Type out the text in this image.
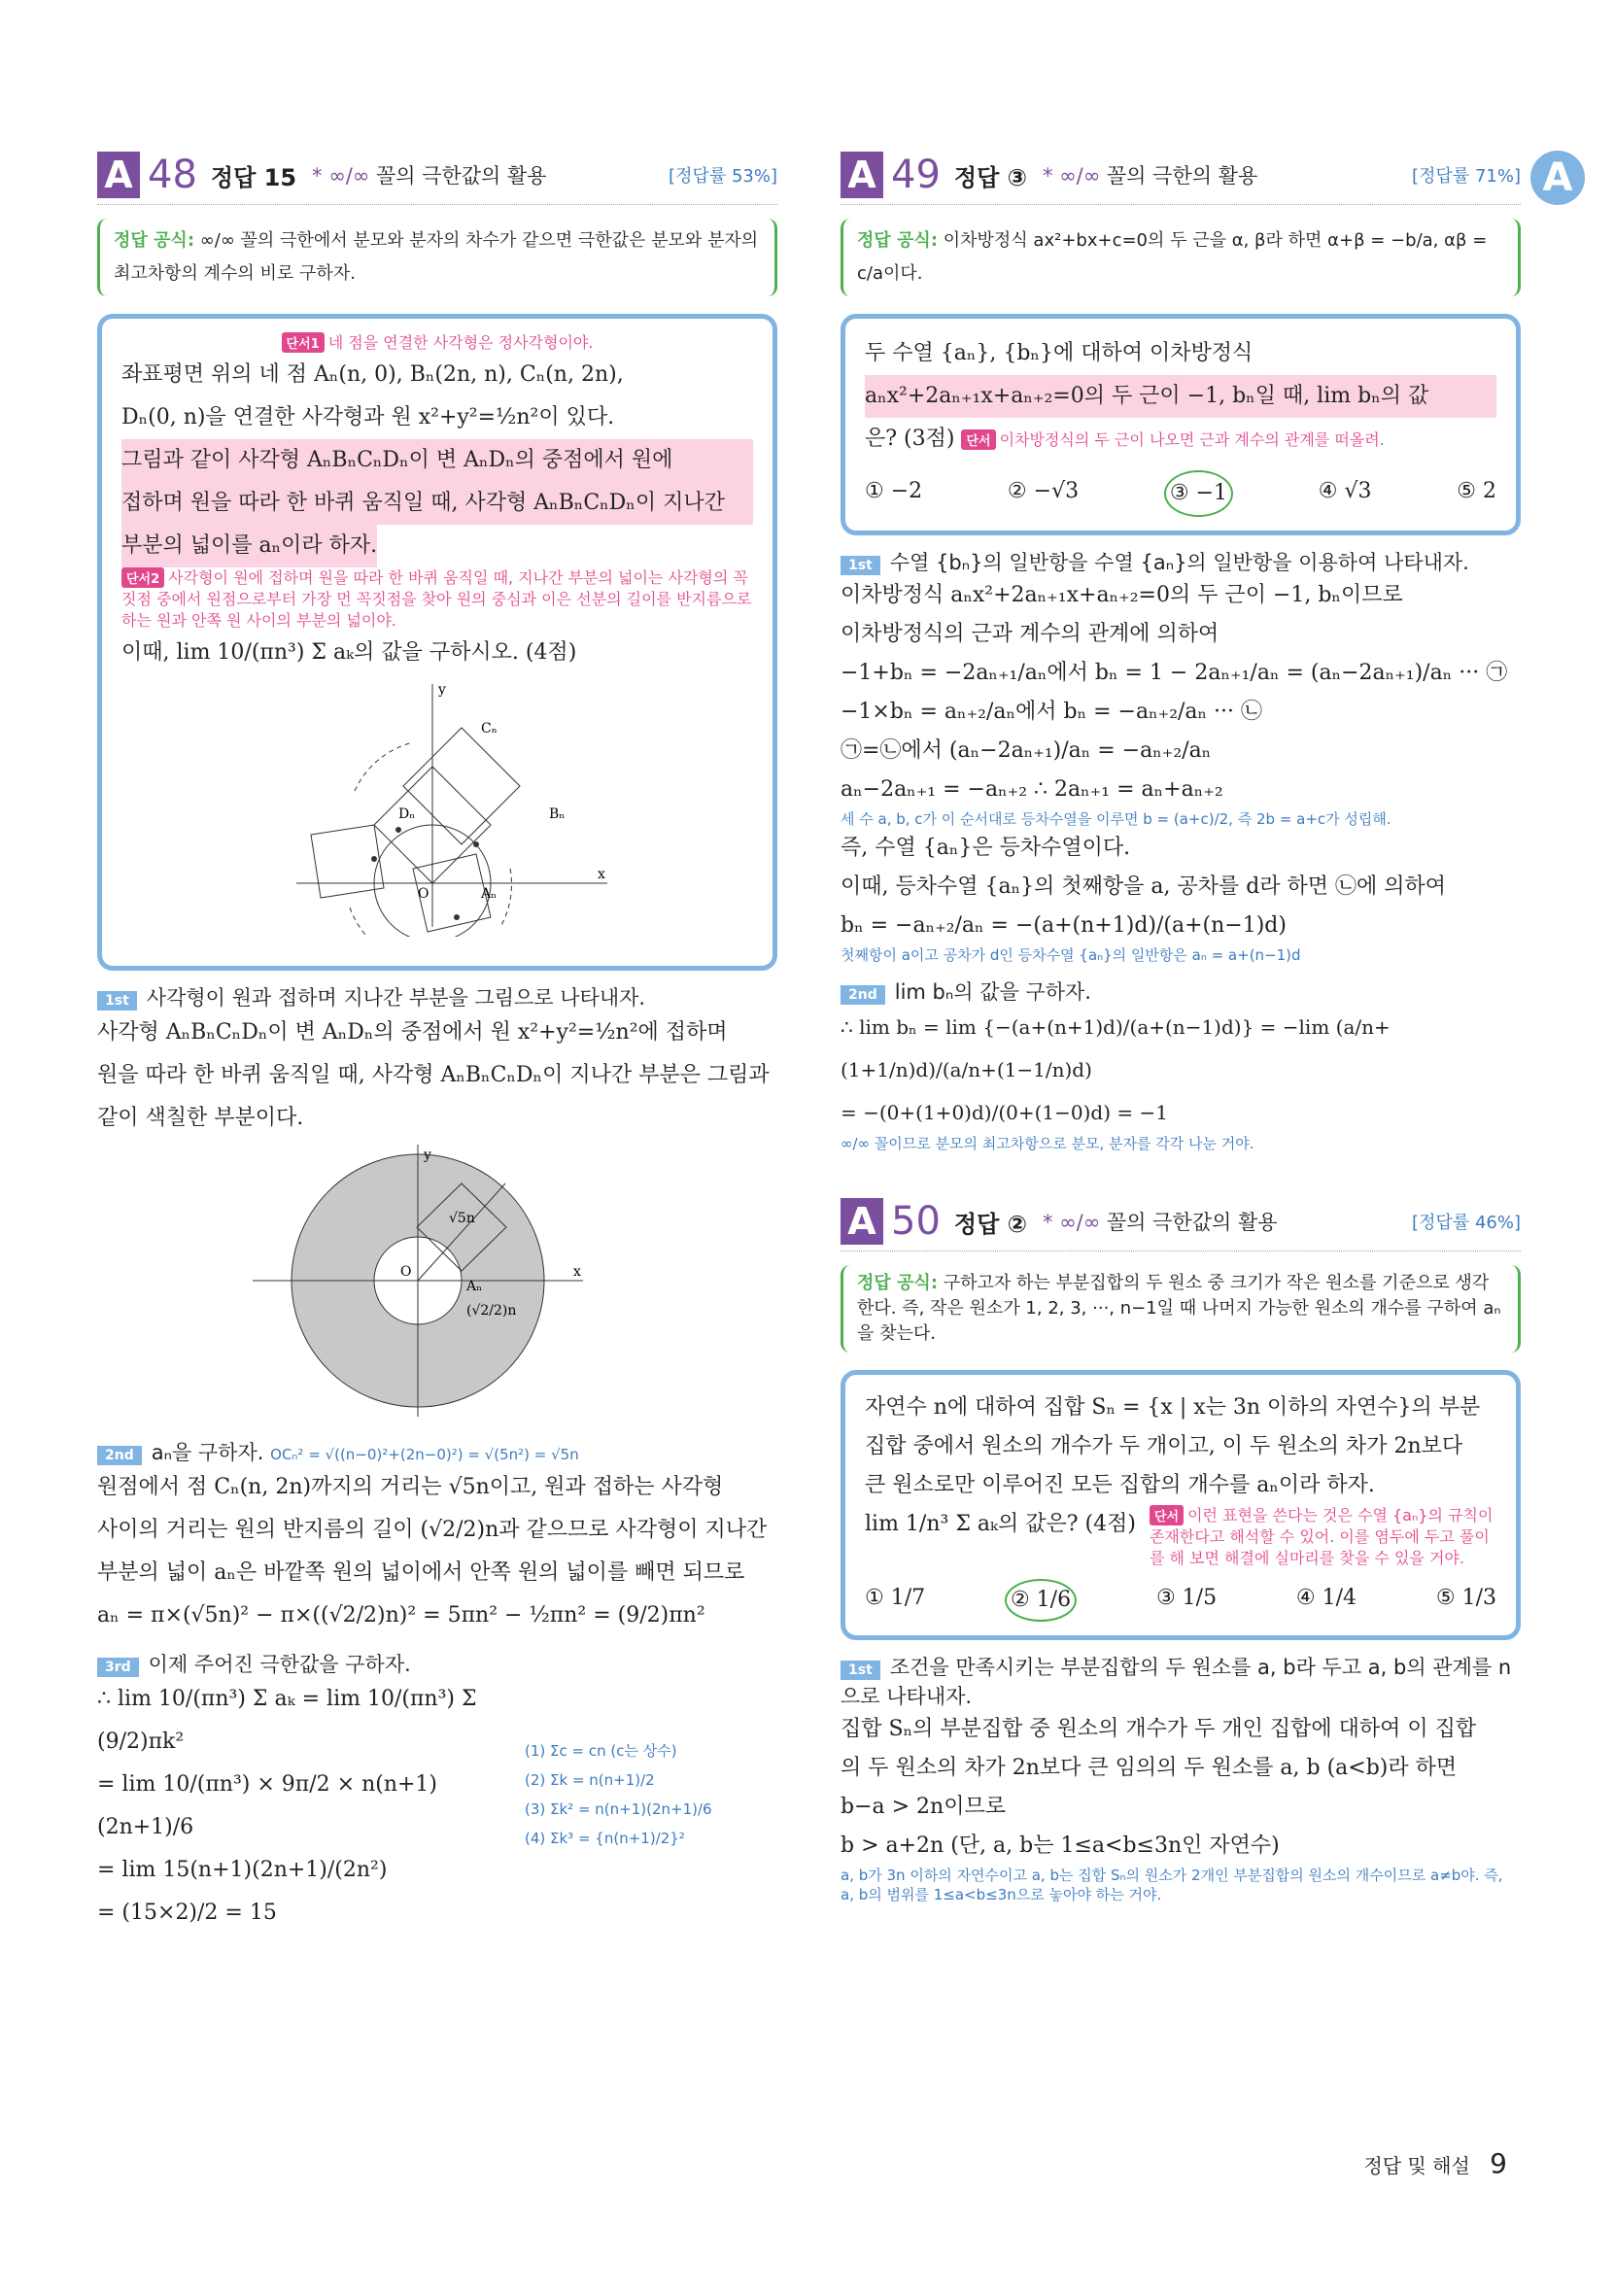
A
A 48 정답 15 * ∞/∞ 꼴의 극한값의 활용	[정답률 53%]
정답 공식: ∞/∞ 꼴의 극한에서 분모와 분자의 차수가 같으면 극한값은 분모와 분자의 최고차항의 계수의 비로 구하자.
단서1 네 점을 연결한 사각형은 정사각형이야.
좌표평면 위의 네 점 Aₙ(n, 0), Bₙ(2n, n), Cₙ(n, 2n),
Dₙ(0, n)을 연결한 사각형과 원 x²+y²=½n²이 있다.
그림과 같이 사각형 AₙBₙCₙDₙ이 변 AₙDₙ의 중점에서 원에
접하며 원을 따라 한 바퀴 움직일 때, 사각형 AₙBₙCₙDₙ이 지나간
부분의 넓이를 aₙ이라 하자.
단서2 사각형이 원에 접하며 원을 따라 한 바퀴 움직일 때, 지나간 부분의 넓이는 사각형의 꼭짓점 중에서 원점으로부터 가장 먼 꼭짓점을 찾아 원의 중심과 이은 선분의 길이를 반지름으로 하는 원과 안쪽 원 사이의 부분의 넓이야.
이때, lim 10/(πn³) Σ aₖ의 값을 구하시오. (4점)
y
x
O
Cₙ
Dₙ	Bₙ
Aₙ
1st 사각형이 원과 접하며 지나간 부분을 그림으로 나타내자.
사각형 AₙBₙCₙDₙ이 변 AₙDₙ의 중점에서 원 x²+y²=½n²에 접하며
원을 따라 한 바퀴 움직일 때, 사각형 AₙBₙCₙDₙ이 지나간 부분은 그림과
같이 색칠한 부분이다.
y
x
O
√5n
Aₙ
(√2/2)n
2nd aₙ을 구하자. OCₙ² = √((n−0)²+(2n−0)²) = √(5n²) = √5n
원점에서 점 Cₙ(n, 2n)까지의 거리는 √5n이고, 원과 접하는 사각형
사이의 거리는 원의 반지름의 길이 (√2/2)n과 같으므로 사각형이 지나간
부분의 넓이 aₙ은 바깥쪽 원의 넓이에서 안쪽 원의 넓이를 빼면 되므로
aₙ = π×(√5n)² − π×((√2/2)n)² = 5πn² − ½πn² = (9/2)πn²
3rd 이제 주어진 극한값을 구하자.
∴ lim 10/(πn³) Σ aₖ = lim 10/(πn³) Σ (9/2)πk²
= lim 10/(πn³) × 9π/2 × n(n+1)(2n+1)/6
= lim 15(n+1)(2n+1)/(2n²)
= (15×2)/2 = 15
(1) Σc = cn (c는 상수)
(2) Σk = n(n+1)/2
(3) Σk² = n(n+1)(2n+1)/6
(4) Σk³ = {n(n+1)/2}²
A 49 정답 ③ * ∞/∞ 꼴의 극한의 활용	[정답률 71%]
정답 공식: 이차방정식 ax²+bx+c=0의 두 근을 α, β라 하면 α+β = −b/a, αβ = c/a이다.
두 수열 {aₙ}, {bₙ}에 대하여 이차방정식
aₙx²+2aₙ₊₁x+aₙ₊₂=0의 두 근이 −1, bₙ일 때, lim bₙ의 값
은? (3점) 단서 이차방정식의 두 근이 나오면 근과 계수의 관계를 떠올려.
① −2	② −√3	③ −1	④ √3	⑤ 2
1st 수열 {bₙ}의 일반항을 수열 {aₙ}의 일반항을 이용하여 나타내자.
이차방정식 aₙx²+2aₙ₊₁x+aₙ₊₂=0의 두 근이 −1, bₙ이므로
이차방정식의 근과 계수의 관계에 의하여
−1+bₙ = −2aₙ₊₁/aₙ에서 bₙ = 1 − 2aₙ₊₁/aₙ = (aₙ−2aₙ₊₁)/aₙ ··· ㉠
−1×bₙ = aₙ₊₂/aₙ에서 bₙ = −aₙ₊₂/aₙ ··· ㉡
㉠=㉡에서 (aₙ−2aₙ₊₁)/aₙ = −aₙ₊₂/aₙ
aₙ−2aₙ₊₁ = −aₙ₊₂ ∴ 2aₙ₊₁ = aₙ+aₙ₊₂
세 수 a, b, c가 이 순서대로 등차수열을 이루면 b = (a+c)/2, 즉 2b = a+c가 성립해.
즉, 수열 {aₙ}은 등차수열이다.
이때, 등차수열 {aₙ}의 첫째항을 a, 공차를 d라 하면 ㉡에 의하여
bₙ = −aₙ₊₂/aₙ = −(a+(n+1)d)/(a+(n−1)d)
첫째항이 a이고 공차가 d인 등차수열 {aₙ}의 일반항은 aₙ = a+(n−1)d
2nd lim bₙ의 값을 구하자.
∴ lim bₙ = lim {−(a+(n+1)d)/(a+(n−1)d)} = −lim (a/n+(1+1/n)d)/(a/n+(1−1/n)d)
= −(0+(1+0)d)/(0+(1−0)d) = −1
∞/∞ 꼴이므로 분모의 최고차항으로 분모, 분자를 각각 나눈 거야.
A 50 정답 ② * ∞/∞ 꼴의 극한값의 활용	[정답률 46%]
정답 공식: 구하고자 하는 부분집합의 두 원소 중 크기가 작은 원소를 기준으로 생각한다. 즉, 작은 원소가 1, 2, 3, ···, n−1일 때 나머지 가능한 원소의 개수를 구하여 aₙ을 찾는다.
자연수 n에 대하여 집합 Sₙ = {x | x는 3n 이하의 자연수}의 부분
집합 중에서 원소의 개수가 두 개이고, 이 두 원소의 차가 2n보다
큰 원소로만 이루어진 모든 집합의 개수를 aₙ이라 하자.
lim 1/n³ Σ aₖ의 값은? (4점)	단서 이런 표현을 쓴다는 것은 수열 {aₙ}의 규칙이 존재한다고 해석할 수 있어. 이를 염두에 두고 풀이를 해 보면 해결에 실마리를 찾을 수 있을 거야.
① 1/7	② 1/6	③ 1/5	④ 1/4	⑤ 1/3
1st 조건을 만족시키는 부분집합의 두 원소를 a, b라 두고 a, b의 관계를 n으로 나타내자.
집합 Sₙ의 부분집합 중 원소의 개수가 두 개인 집합에 대하여 이 집합
의 두 원소의 차가 2n보다 큰 임의의 두 원소를 a, b (a<b)라 하면
b−a > 2n이므로
b > a+2n (단, a, b는 1≤a<b≤3n인 자연수)
a, b가 3n 이하의 자연수이고 a, b는 집합 Sₙ의 원소가 2개인 부분집합의 원소의 개수이므로 a≠b야. 즉, a, b의 범위를 1≤a<b≤3n으로 놓아야 하는 거야.
정답 및 해설 9
